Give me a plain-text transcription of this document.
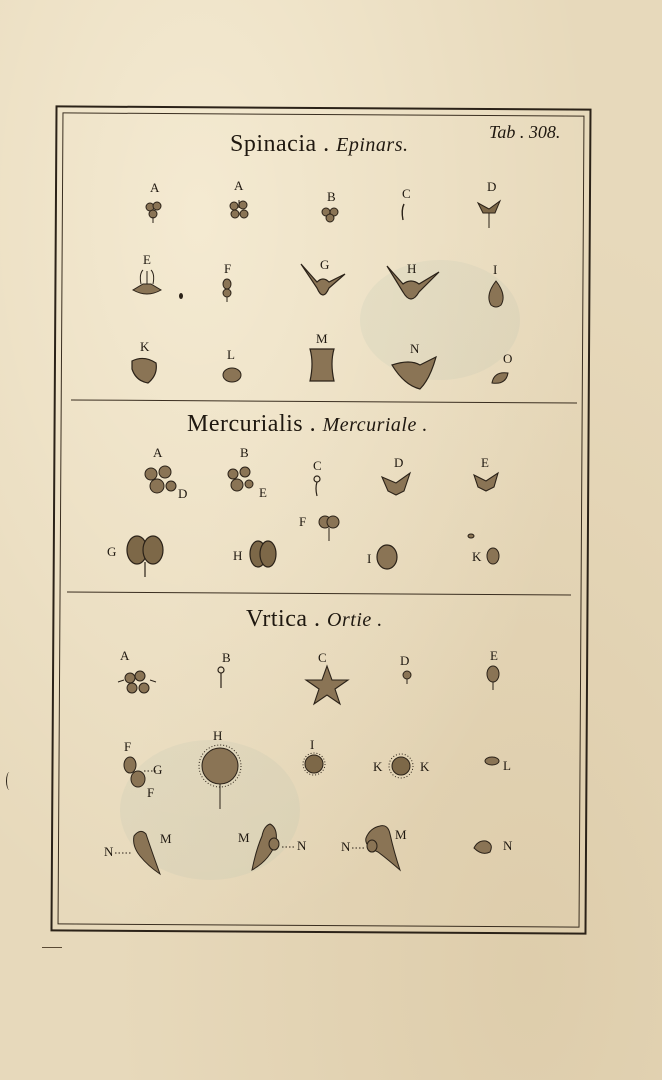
Tab . 308.
Spinacia . Epinars.
Mercurialis . Mercuriale .
Vrtica . Ortie .
A	A
B	C	D
E
F	G	H	I
K
L
M
N
O
A
D
B
E
C	D	E
F
G	H	I	K
A	B	C	D	E
F
G
F
H
I
K	K	L
N
M	M
N	N
M
N
